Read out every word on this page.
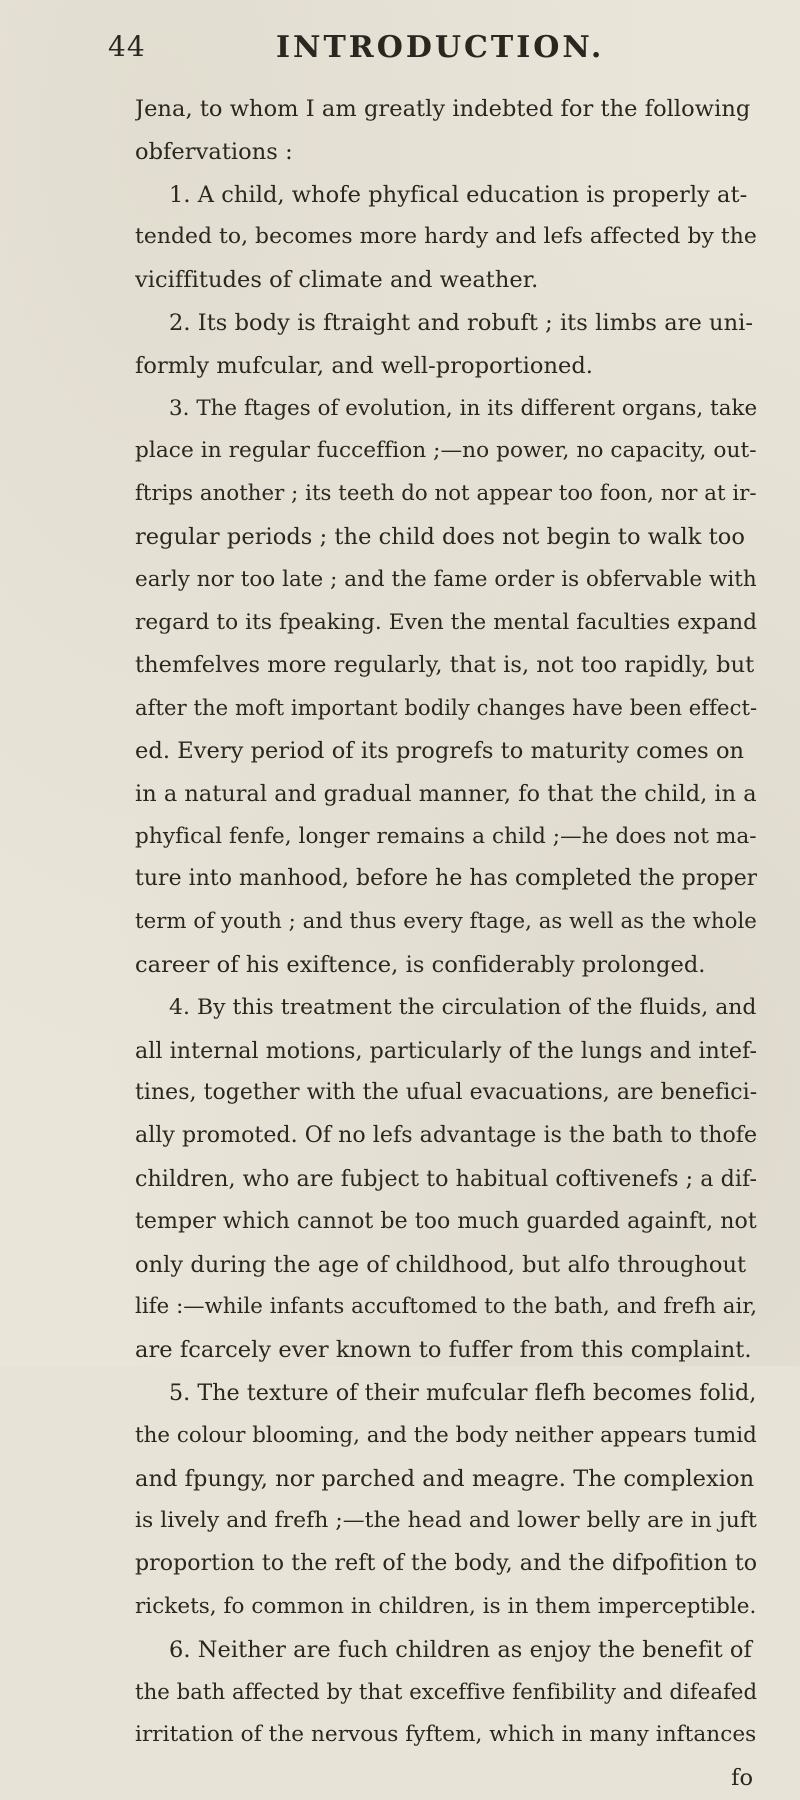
44	INTRODUCTION.
Jena, to whom I am greatly indebted for the following
obfervations :
1. A child, whofe phyfical education is properly at-
tended to, becomes more hardy and lefs affected by the
viciffitudes of climate and weather.
2. Its body is ftraight and robuft ; its limbs are uni-
formly mufcular, and well-proportioned.
3. The ftages of evolution, in its different organs, take
place in regular fucceffion ;—no power, no capacity, out-
ftrips another ; its teeth do not appear too foon, nor at ir-
regular periods ; the child does not begin to walk too
early nor too late ; and the fame order is obfervable with
regard to its fpeaking. Even the mental faculties expand
themfelves more regularly, that is, not too rapidly, but
after the moft important bodily changes have been effect-
ed. Every period of its progrefs to maturity comes on
in a natural and gradual manner, fo that the child, in a
phyfical fenfe, longer remains a child ;—he does not ma-
ture into manhood, before he has completed the proper
term of youth ; and thus every ftage, as well as the whole
career of his exiftence, is confiderably prolonged.
4. By this treatment the circulation of the fluids, and
all internal motions, particularly of the lungs and intef-
tines, together with the ufual evacuations, are benefici-
ally promoted. Of no lefs advantage is the bath to thofe
children, who are fubject to habitual coftivenefs ; a dif-
temper which cannot be too much guarded againft, not
only during the age of childhood, but alfo throughout
life :—while infants accuftomed to the bath, and frefh air,
are fcarcely ever known to fuffer from this complaint.
5. The texture of their mufcular flefh becomes folid,
the colour blooming, and the body neither appears tumid
and fpungy, nor parched and meagre. The complexion
is lively and frefh ;—the head and lower belly are in juft
proportion to the reft of the body, and the difpofition to
rickets, fo common in children, is in them imperceptible.
6. Neither are fuch children as enjoy the benefit of
the bath affected by that exceffive fenfibility and difeafed
irritation of the nervous fyftem, which in many inftances
fo
